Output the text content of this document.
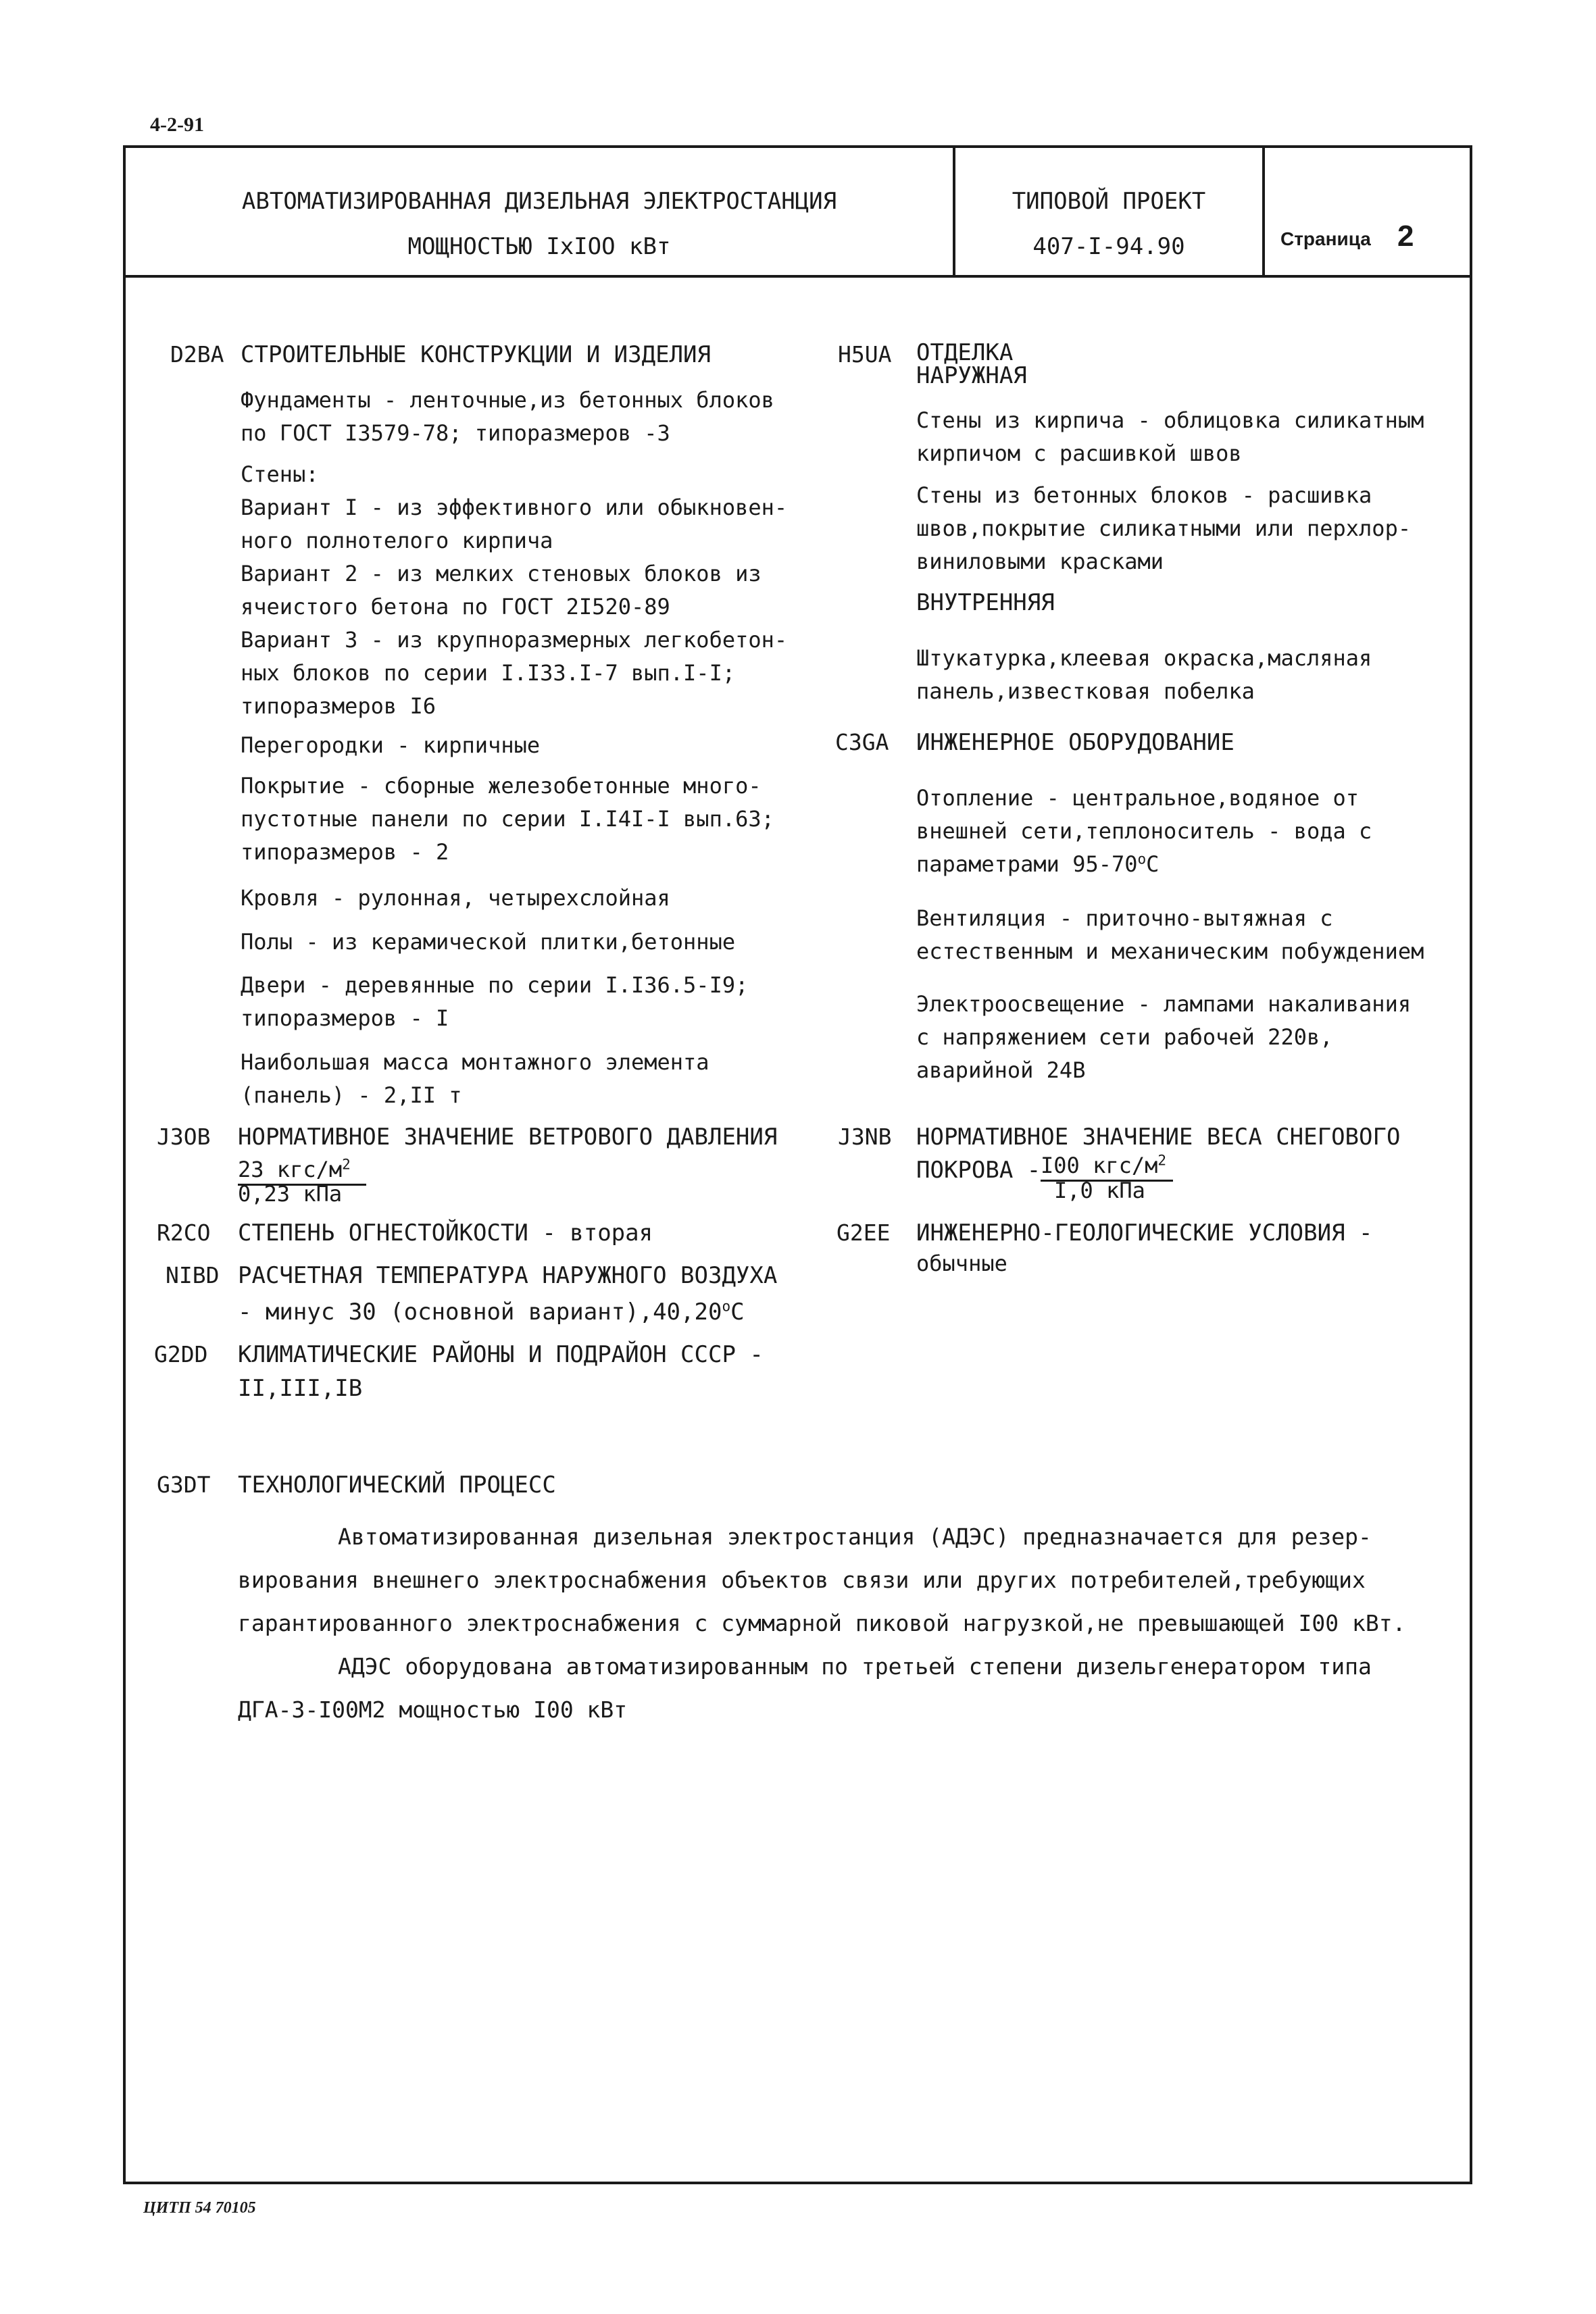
4-2-91
АВТОМАТИЗИРОВАННАЯ ДИЗЕЛЬНАЯ ЭЛЕКТРОСТАНЦИЯ
МОЩНОСТЬЮ IxIOO кВт
ТИПОВОЙ ПРОЕКТ
407-I-94.90	Страница 2
D2BA СТРОИТЕЛЬНЫЕ КОНСТРУКЦИИ И ИЗДЕЛИЯ
Фундаменты - ленточные,из бетонных блоков
по ГОСТ I3579-78; типоразмеров -3
Стены:
Вариант I - из эффективного или обыкновен-
ного полнотелого кирпича
Вариант 2 - из мелких стеновых блоков из
ячеистого бетона по ГОСТ 2I520-89
Вариант 3 - из крупноразмерных легкобетон-
ных блоков по серии I.I33.I-7 вып.I-I;
типоразмеров I6
Перегородки - кирпичные
Покрытие - сборные железобетонные много-
пустотные панели по серии I.I4I-I вып.63;
типоразмеров - 2
Кровля - рулонная, четырехслойная
Полы - из керамической плитки,бетонные
Двери - деревянные по серии I.I36.5-I9;
типоразмеров - I
Наибольшая масса монтажного элемента
(панель) - 2,II т
J3OB НОРМАТИВНОЕ ЗНАЧЕНИЕ ВЕТРОВОГО ДАВЛЕНИЯ
23 кгс/$м^2$
0,23 кПа
R2CO СТЕПЕНЬ ОГНЕСТОЙКОСТИ - вторая
NIBD РАСЧЕТНАЯ ТЕМПЕРАТУРА НАРУЖНОГО ВОЗДУХА
- минус 30 (основной вариант),40,20$^o$C
G2DD КЛИМАТИЧЕСКИЕ РАЙОНЫ И ПОДРАЙОН СССР -
II,III,IB
H5UA ОТДЕЛКА
НАРУЖНАЯ
Стены из кирпича - облицовка силикатным
кирпичом с расшивкой швов
Стены из бетонных блоков - расшивка
швов,покрытие силикатными или перхлор-
виниловыми красками
ВНУТРЕННЯЯ
Штукатурка,клеевая окраска,масляная
панель,известковая побелка
C3GA ИНЖЕНЕРНОЕ ОБОРУДОВАНИЕ
Отопление - центральное,водяное от
внешней сети,теплоноситель - вода с
параметрами 95-70$^o$C
Вентиляция - приточно-вытяжная с
естественным и механическим побуждением
Электроосвещение - лампами накаливания
с напряжением сети рабочей 220в,
аварийной 24В
J3NB НОРМАТИВНОЕ ЗНАЧЕНИЕ ВЕСА СНЕГОВОГО
ПОКРОВА - I00 кгс/$м^2$
I,0 кПа
G2EE ИНЖЕНЕРНО-ГЕОЛОГИЧЕСКИЕ УСЛОВИЯ -
обычные
G3DT ТЕХНОЛОГИЧЕСКИЙ ПРОЦЕСС
Автоматизированная дизельная электростанция (АДЭС) предназначается для резер-
вирования внешнего электроснабжения объектов связи или других потребителей,требующих
гарантированного электроснабжения с суммарной пиковой нагрузкой,не превышающей I00 кВт.
АДЭС оборудована автоматизированным по третьей степени дизельгенератором типа
ДГА-3-I00M2 мощностью I00 кВт
ЦИТП 54 70105
